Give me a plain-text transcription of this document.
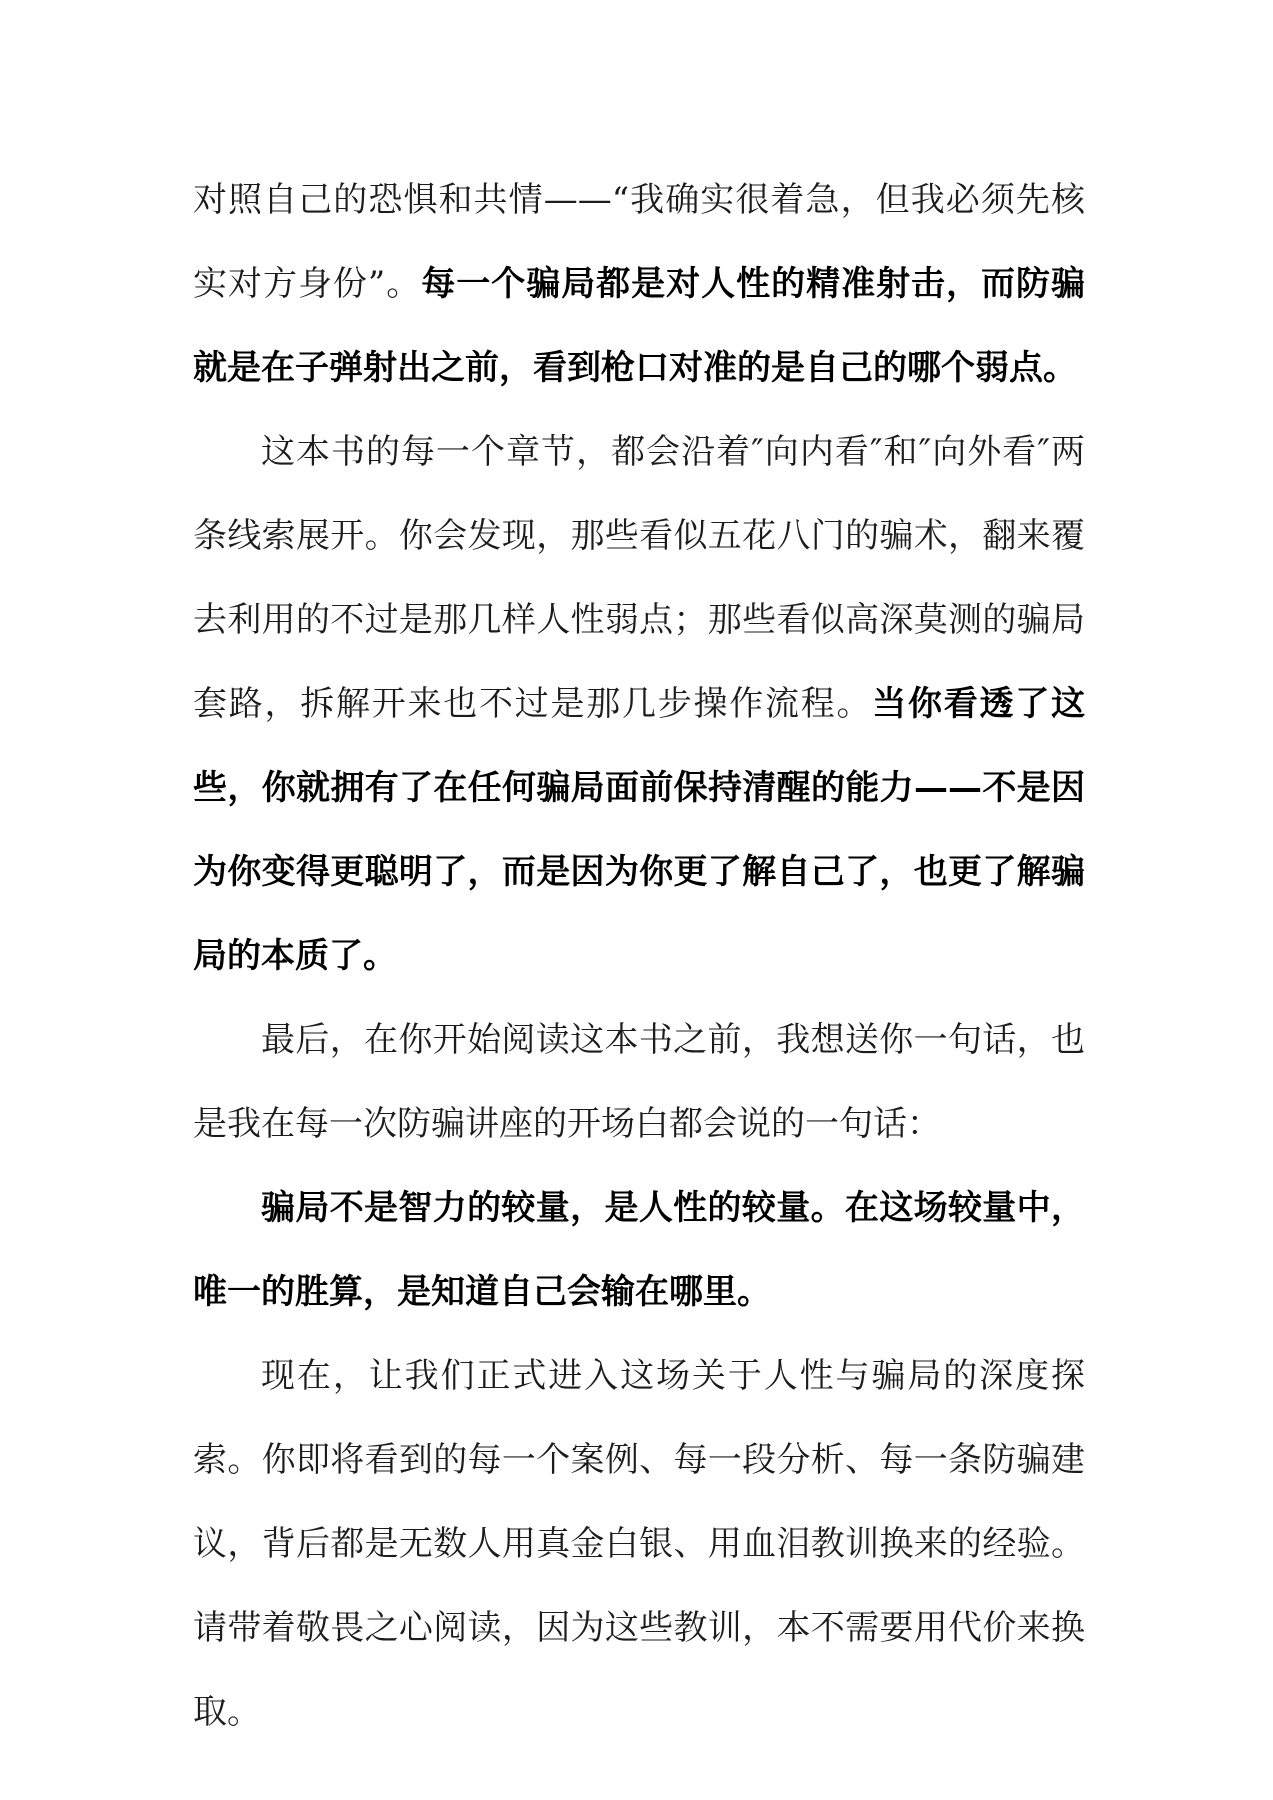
对照自己的恐惧和共情——“我确实很着急，但我必须先核实对方身份”。每一个骗局都是对人性的精准射击，而防骗就是在子弹射出之前，看到枪口对准的是自己的哪个弱点。

这本书的每一个章节，都会沿着″向内看″和″向外看″两条线索展开。你会发现，那些看似五花八门的骗术，翻来覆去利用的不过是那几样人性弱点；那些看似高深莫测的骗局套路，拆解开来也不过是那几步操作流程。当你看透了这些，你就拥有了在任何骗局面前保持清醒的能力——不是因为你变得更聪明了，而是因为你更了解自己了，也更了解骗局的本质了。

最后，在你开始阅读这本书之前，我想送你一句话，也是我在每一次防骗讲座的开场白都会说的一句话：

骗局不是智力的较量，是人性的较量。在这场较量中，唯一的胜算，是知道自己会输在哪里。

现在，让我们正式进入这场关于人性与骗局的深度探索。你即将看到的每一个案例、每一段分析、每一条防骗建议，背后都是无数人用真金白银、用血泪教训换来的经验。请带着敬畏之心阅读，因为这些教训，本不需要用代价来换取。
